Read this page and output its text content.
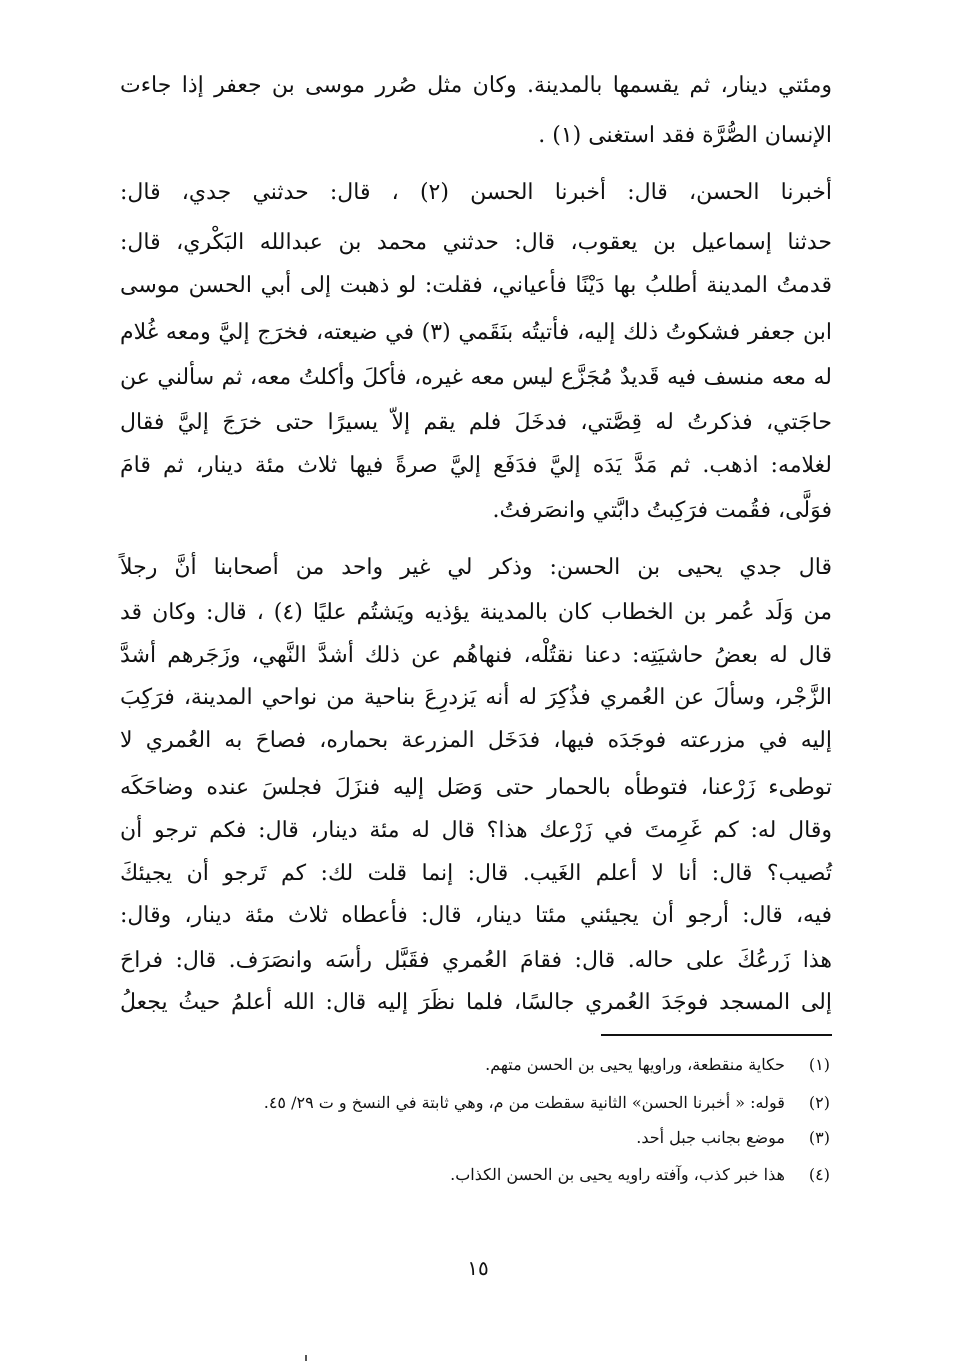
ومئتي دينار، ثم يقسمها بالمدينة. وكان مثل صُرر موسى بن جعفر إذا جاءت
الإنسان الصُّرَّة فقد استغنى (١) .
أخبرنا الحسن، قال: أخبرنا الحسن (٢) ، قال: حدثني جدي، قال:
حدثنا إسماعيل بن يعقوب، قال: حدثني محمد بن عبدالله البَكْري، قال:
قدمتُ المدينة أطلبُ بها دَيْنًا فأعياني، فقلت: لو ذهبت إلى أبي الحسن موسى
ابن جعفر فشكوتُ ذلك إليه، فأتيتُه بنَقَمي (٣) في ضيعته، فخرَج إليَّ ومعه غُلام
له معه منسف فيه قَديدٌ مُجَزَّع ليس معه غيره، فأكلَ وأكلتُ معه، ثم سألني عن
حاجَتي، فذكرتُ له قِصَّتي، فدخَلَ فلم يقم إلاّ يسيرًا حتى خرَجَ إليَّ فقال
لغلامه: اذهب. ثم مَدَّ يَدَه إليَّ فدَفَع إليَّ صرةً فيها ثلاث مئة دينار، ثم قامَ
فوَلَّى، فقُمت فرَكِبتُ دابَّتي وانصَرفتُ.
قال جدي يحيى بن الحسن: وذكر لي غير واحد من أصحابنا أنَّ رجلاً
من وَلَد عُمر بن الخطاب كان بالمدينة يؤذيه ويَشتُم عليًا (٤) ، قال: وكان قد
قال له بعضُ حاشيَتِه: دعنا نقتُلْه، فنهاهُم عن ذلك أشدَّ النَّهي، وزَجَرهم أشدَّ
الزَّجْر، وسألَ عن العُمري فذُكِرَ له أنه يَزدرِعَ بناحية من نواحي المدينة، فرَكِبَ
إليه في مزرعته فوجَدَه فيها، فدَخَل المزرعة بحماره، فصاحَ به العُمري لا
توطىء زَرْعنا، فتوطأه بالحمار حتى وَصَل إليه فنزَلَ فجلسَ عنده وضاحَكَه
وقال له: كم غَرِمتَ في زَرْعك هذا؟ قال له مئة دينار، قال: فكم ترجو أن
تُصيب؟ قال: أنا لا أعلم الغَيب. قال: إنما قلت لك: كم تَرجو أن يجيئكَ
فيه، قال: أرجو أن يجيئني مئتا دينار، قال: فأعطاه ثلاث مئة دينار، وقال:
هذا زَرعُكَ على حاله. قال: فقامَ العُمري فقَبَّل رأسَه وانصَرَف. قال: فراحَ
إلى المسجد فوجَدَ العُمري جالسًا، فلما نظَرَ إليه قال: الله أعلمُ حيثُ يجعلُ
(١) حكاية منقطعة، وراويها يحيى بن الحسن متهم.
(٢) قوله: « أخبرنا الحسن» الثانية سقطت من م، وهي ثابتة في النسخ و ت ٢٩/ ٤٥.
(٣) موضع بجانب جبل أحد.
(٤) هذا خبر كذب، وآفته راويه يحيى بن الحسن الكذاب.
١٥
